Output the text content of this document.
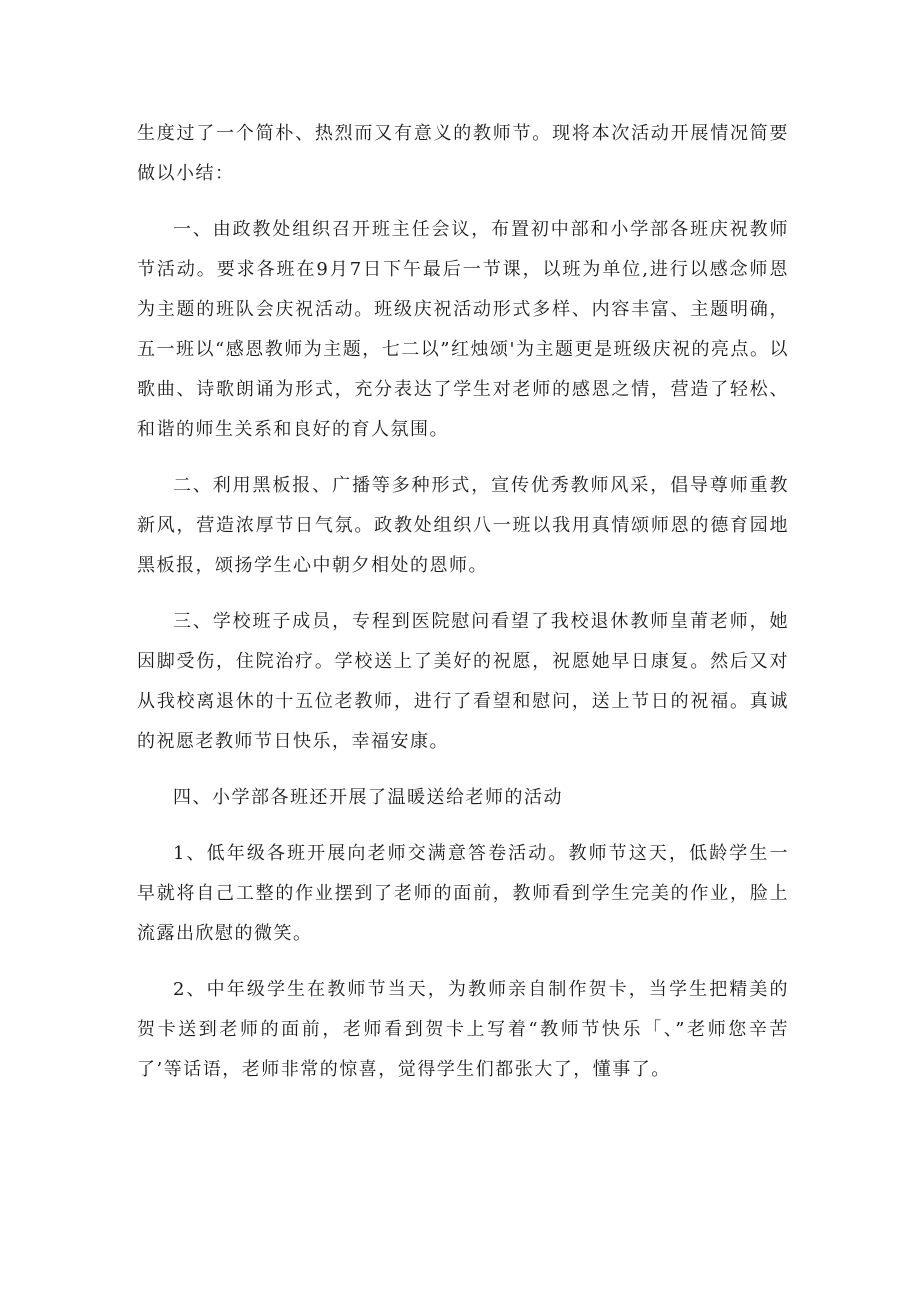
生度过了一个简朴、热烈而又有意义的教师节。现将本次活动开展情况简要做以小结：

一、由政教处组织召开班主任会议，布置初中部和小学部各班庆祝教师节活动。要求各班在9月7日下午最后一节课，以班为单位,进行以感念师恩为主题的班队会庆祝活动。班级庆祝活动形式多样、内容丰富、主题明确，五一班以“感恩教师为主题，七二以”红烛颂'为主题更是班级庆祝的亮点。以歌曲、诗歌朗诵为形式，充分表达了学生对老师的感恩之情，营造了轻松、和谐的师生关系和良好的育人氛围。

二、利用黑板报、广播等多种形式，宣传优秀教师风采，倡导尊师重教新风，营造浓厚节日气氛。政教处组织八一班以我用真情颂师恩的德育园地黑板报，颂扬学生心中朝夕相处的恩师。

三、学校班子成员，专程到医院慰问看望了我校退休教师皇莆老师，她因脚受伤，住院治疗。学校送上了美好的祝愿，祝愿她早日康复。然后又对从我校离退休的十五位老教师，进行了看望和慰问，送上节日的祝福。真诚的祝愿老教师节日快乐，幸福安康。

四、小学部各班还开展了温暖送给老师的活动

1、低年级各班开展向老师交满意答卷活动。教师节这天，低龄学生一早就将自己工整的作业摆到了老师的面前，教师看到学生完美的作业，脸上流露出欣慰的微笑。

2、中年级学生在教师节当天，为教师亲自制作贺卡，当学生把精美的贺卡送到老师的面前，老师看到贺卡上写着“教师节快乐「、”老师您辛苦了’等话语，老师非常的惊喜，觉得学生们都张大了，懂事了。
